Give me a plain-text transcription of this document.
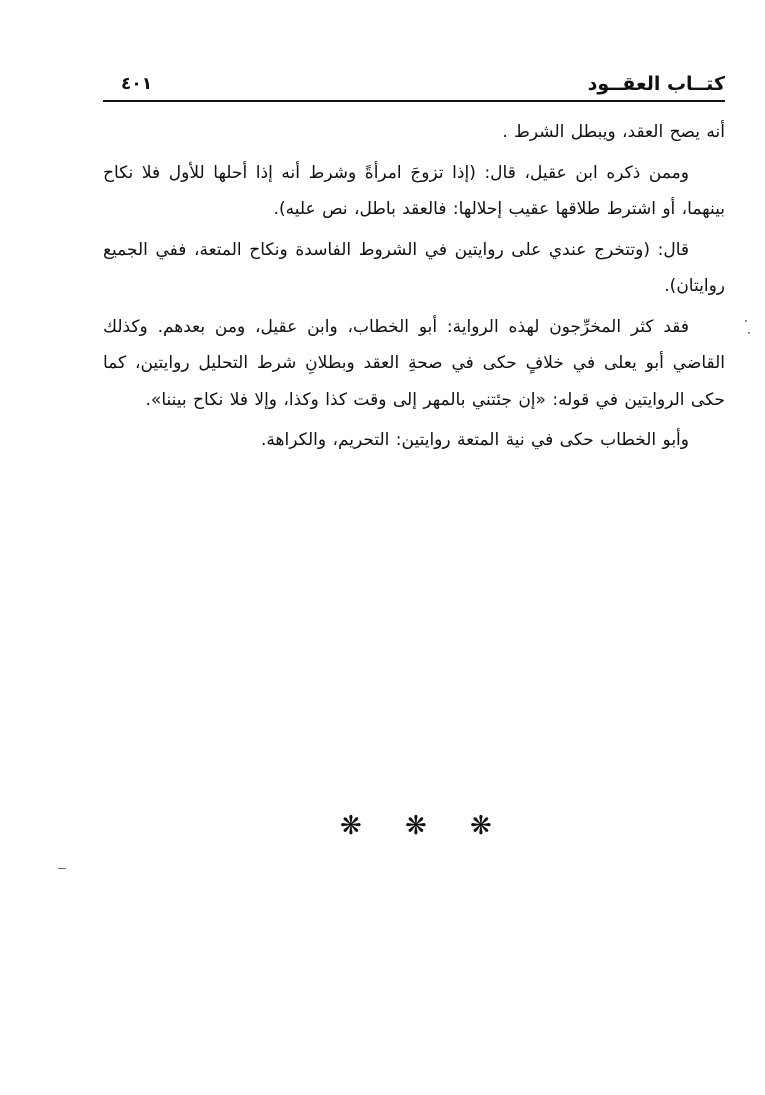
كتــاب العقــود
٤٠١

أنه يصح العقد، ويبطل الشرط .

وممن ذكره ابن عقيل، قال: (إذا تزوجَ امرأةً وشرط أنه إذا أحلها للأول فلا نكاح بينهما، أو اشترط طلاقها عقيب إحلالها: فالعقد باطل، نص عليه).

قال: (وتتخرج عندي على روايتين في الشروط الفاسدة ونكاح المتعة، ففي الجميع روايتان).

فقد كثر المخرِّجون لهذه الرواية: أبو الخطاب، وابن عقيل، ومن بعدهم. وكذلك القاضي أبو يعلى في خلافٍ حكى في صحةِ العقد وبطلانِ شرط التحليل روايتين، كما حكى الروايتين في قوله: «إن جئتني بالمهر إلى وقت كذا وكذا، وإلا فلا نكاح بيننا».

وأبو الخطاب حكى في نية المتعة روايتين: التحريم، والكراهة.

❋ ❋ ❋
